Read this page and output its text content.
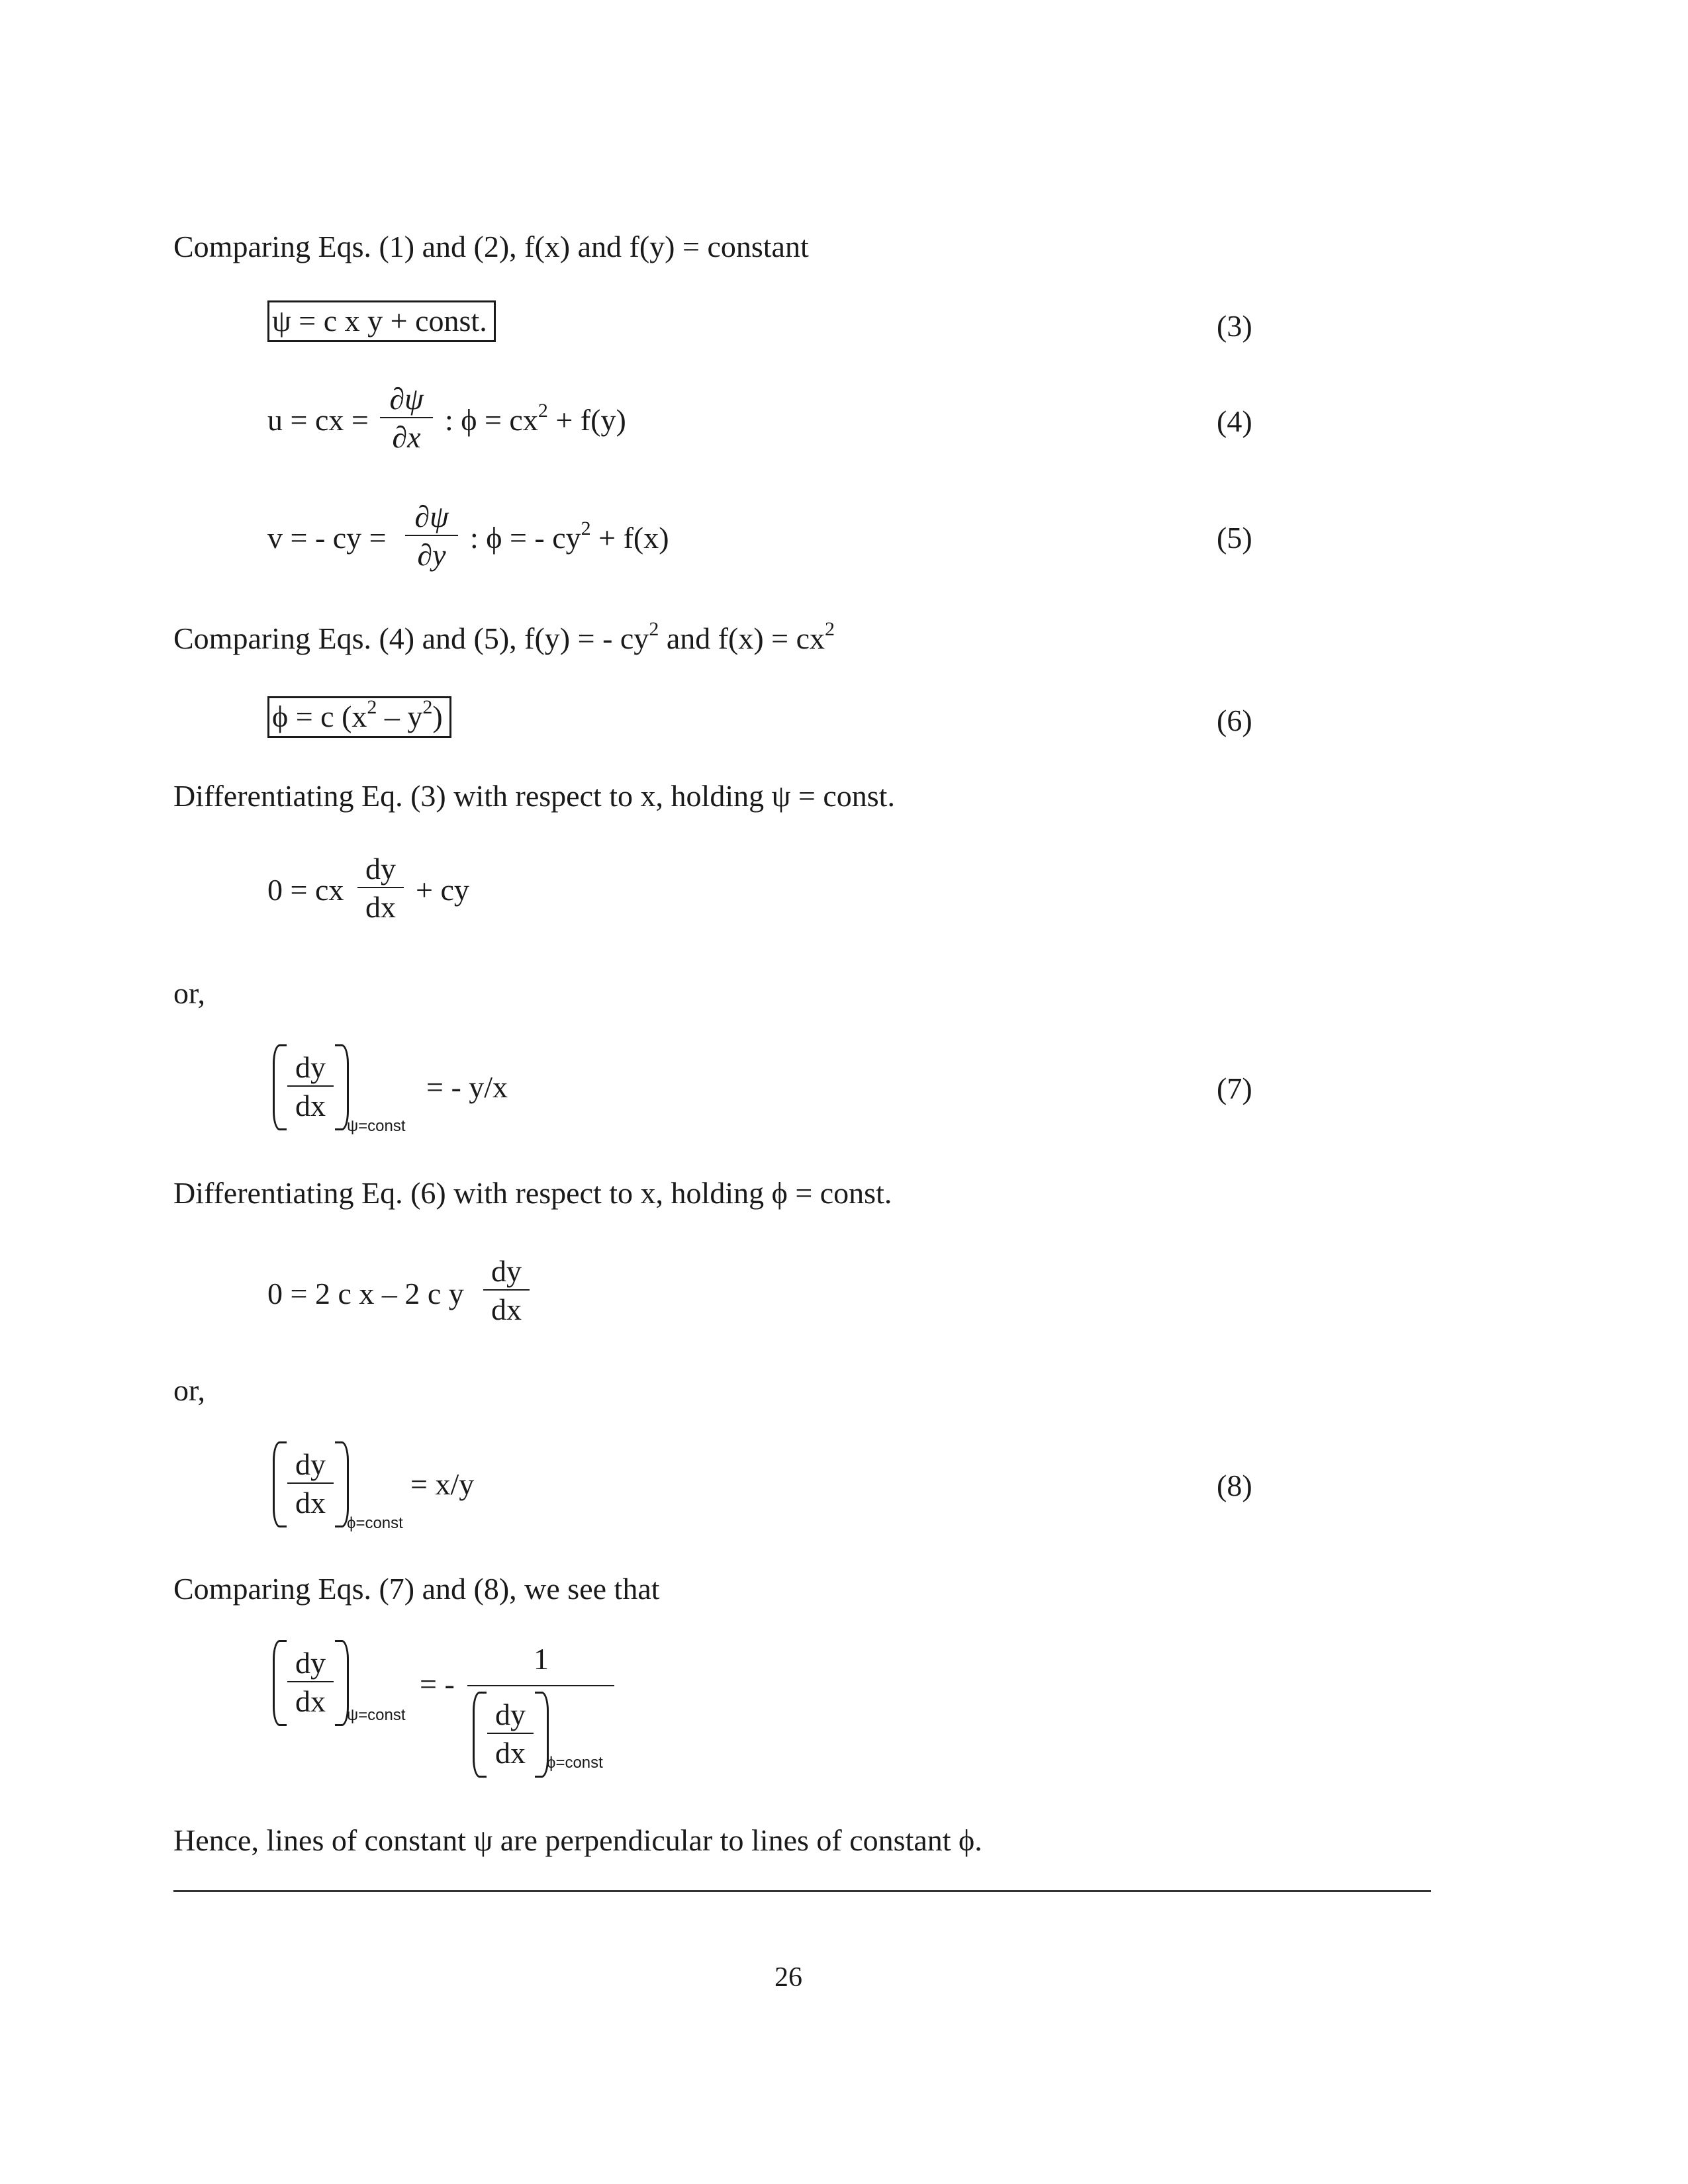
Comparing Eqs. (1) and (2), f(x) and f(y) = constant
ψ = c x y + const.	(3)
u = cx =
∂ψ
∂x
: $\phi = cx^2 + f(y)$	(4)
v = - cy =
∂ψ
∂y
: ϕ = - $cy^2 + f(x)$	(5)
Comparing Eqs. (4) and (5), f(y) = - $cy^2$ and $f(x) = cx^2$
ϕ = c $(x^2 - y^2)$	(6)
Differentiating Eq. (3) with respect to x, holding ψ = const.
0 = cx
dy
dx
+ cy
or,
dy
dx
ψ=const
= - y/x	(7)
Differentiating Eq. (6) with respect to x, holding ϕ = const.
0 = 2 c x – 2 c y
dy
dx
or,
dy
dx
ϕ=const
= x/y	(8)
Comparing Eqs. (7) and (8), we see that
dy
dx	ψ=const
= -
1
dy
dx	ϕ=const
Hence, lines of constant ψ are perpendicular to lines of constant ϕ.
26
